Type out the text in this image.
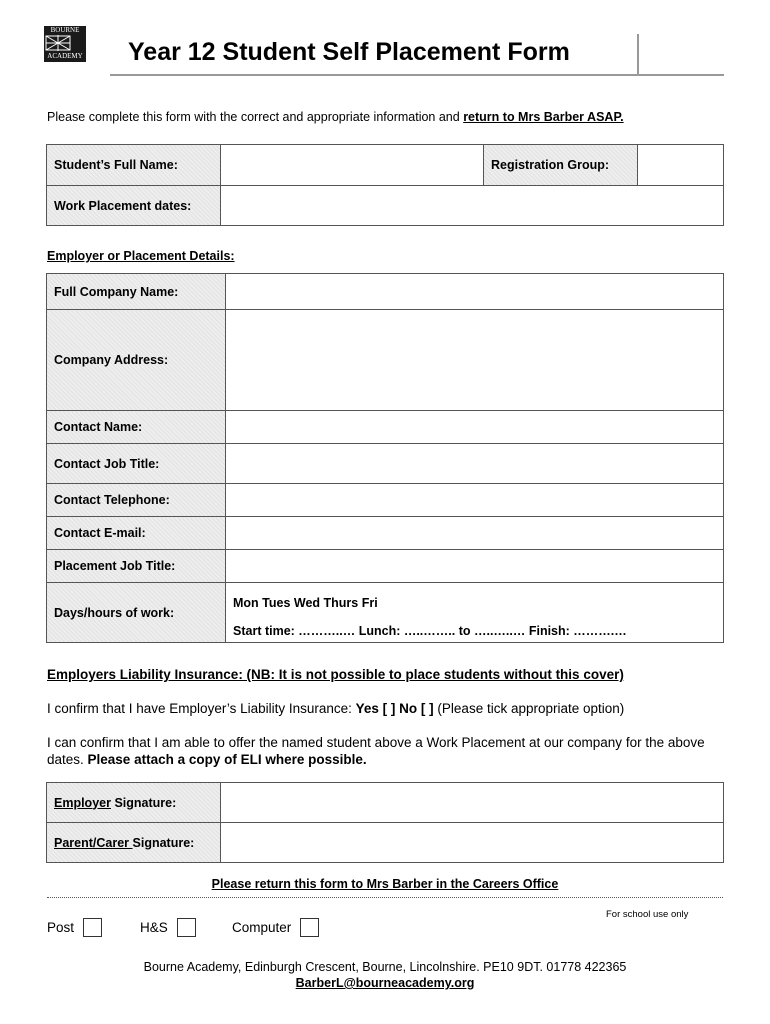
BOURNE
ACADEMY Year 12 Student Self Placement Form
Please complete this form with the correct and appropriate information and return to Mrs Barber ASAP.
Student’s Full Name:		Registration Group:	
Work Placement dates:			
Employer or Placement Details:
Full Company Name:	
Company Address:	
Contact Name:	
Contact Job Title:	
Contact Telephone:	
Contact E-mail:	
Placement Job Title:	
Days/hours of work:	Mon Tues Wed Thurs Fri
Start time: ………..… Lunch: …..…….. to …..…..… Finish: ……….…
Employers Liability Insurance: (NB: It is not possible to place students without this cover)
I confirm that I have Employer’s Liability Insurance: Yes [ ] No [ ] (Please tick appropriate option)
I can confirm that I am able to offer the named student above a Work Placement at our company for the above dates. Please attach a copy of ELI where possible.
Employer Signature:	
Parent/Carer Signature:	
Please return this form to Mrs Barber in the Careers Office
For school use only
Post	H&S	Computer
Bourne Academy, Edinburgh Crescent, Bourne, Lincolnshire. PE10 9DT. 01778 422365
BarberL@bourneacademy.org
